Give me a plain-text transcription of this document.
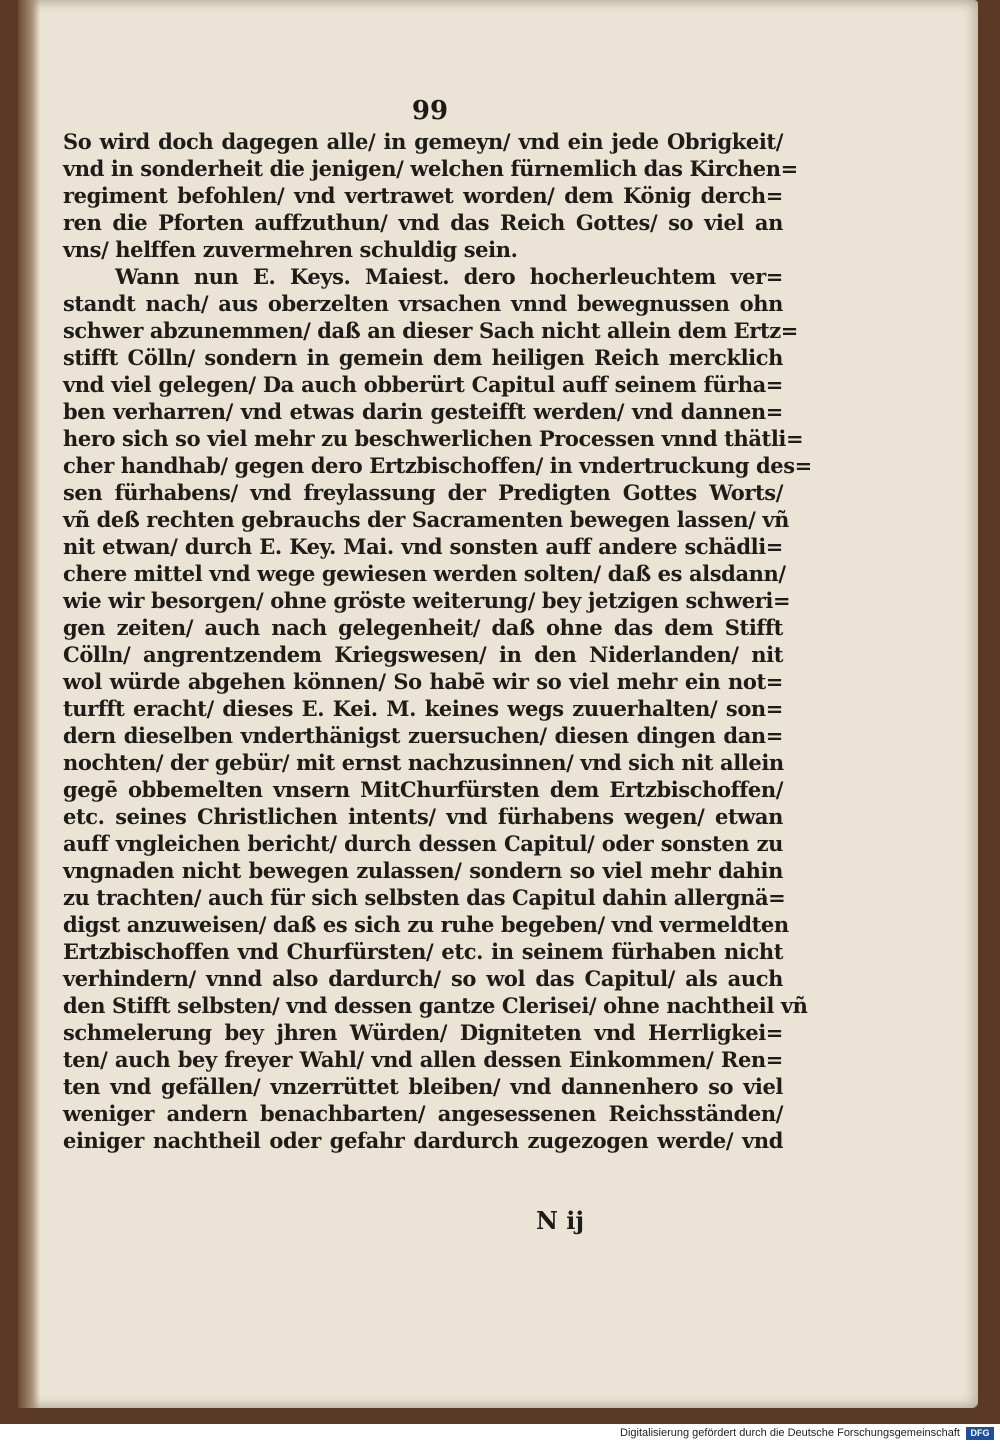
99
So wird doch dagegen alle/ in gemeyn/ vnd ein jede Obrigkeit/
vnd in sonderheit die jenigen/ welchen fürnemlich das Kirchen=
regiment befohlen/ vnd vertrawet worden/ dem König derch=
ren die Pforten auffzuthun/ vnd das Reich Gottes/ so viel an
vns/ helffen zuvermehren schuldig sein.
Wann nun E. Keys. Maiest. dero hocherleuchtem ver=
standt nach/ aus oberzelten vrsachen vnnd bewegnussen ohn
schwer abzunemmen/ daß an dieser Sach nicht allein dem Ertz=
stifft Cölln/ sondern in gemein dem heiligen Reich mercklich
vnd viel gelegen/ Da auch obberürt Capitul auff seinem fürha=
ben verharren/ vnd etwas darin gesteifft werden/ vnd dannen=
hero sich so viel mehr zu beschwerlichen Processen vnnd thätli=
cher handhab/ gegen dero Ertzbischoffen/ in vndertruckung des=
sen fürhabens/ vnd freylassung der Predigten Gottes Worts/
vñ deß rechten gebrauchs der Sacramenten bewegen lassen/ vñ
nit etwan/ durch E. Key. Mai. vnd sonsten auff andere schädli=
chere mittel vnd wege gewiesen werden solten/ daß es alsdann/
wie wir besorgen/ ohne gröste weiterung/ bey jetzigen schweri=
gen zeiten/ auch nach gelegenheit/ daß ohne das dem Stifft
Cölln/ angrentzendem Kriegswesen/ in den Niderlanden/ nit
wol würde abgehen können/ So habē wir so viel mehr ein not=
turfft eracht/ dieses E. Kei. M. keines wegs zuuerhalten/ son=
dern dieselben vnderthänigst zuersuchen/ diesen dingen dan=
nochten/ der gebür/ mit ernst nachzusinnen/ vnd sich nit allein
gegē obbemelten vnsern MitChurfürsten dem Ertzbischoffen/
etc. seines Christlichen intents/ vnd fürhabens wegen/ etwan
auff vngleichen bericht/ durch dessen Capitul/ oder sonsten zu
vngnaden nicht bewegen zulassen/ sondern so viel mehr dahin
zu trachten/ auch für sich selbsten das Capitul dahin allergnä=
digst anzuweisen/ daß es sich zu ruhe begeben/ vnd vermeldten
Ertzbischoffen vnd Churfürsten/ etc. in seinem fürhaben nicht
verhindern/ vnnd also dardurch/ so wol das Capitul/ als auch
den Stifft selbsten/ vnd dessen gantze Clerisei/ ohne nachtheil vñ
schmelerung bey jhren Würden/ Digniteten vnd Herrligkei=
ten/ auch bey freyer Wahl/ vnd allen dessen Einkommen/ Ren=
ten vnd gefällen/ vnzerrüttet bleiben/ vnd dannenhero so viel
weniger andern benachbarten/ angesessenen Reichsständen/
einiger nachtheil oder gefahr dardurch zugezogen werde/ vnd
N ij
Digitalisierung gefördert durch die Deutsche Forschungsgemeinschaft	DFG
